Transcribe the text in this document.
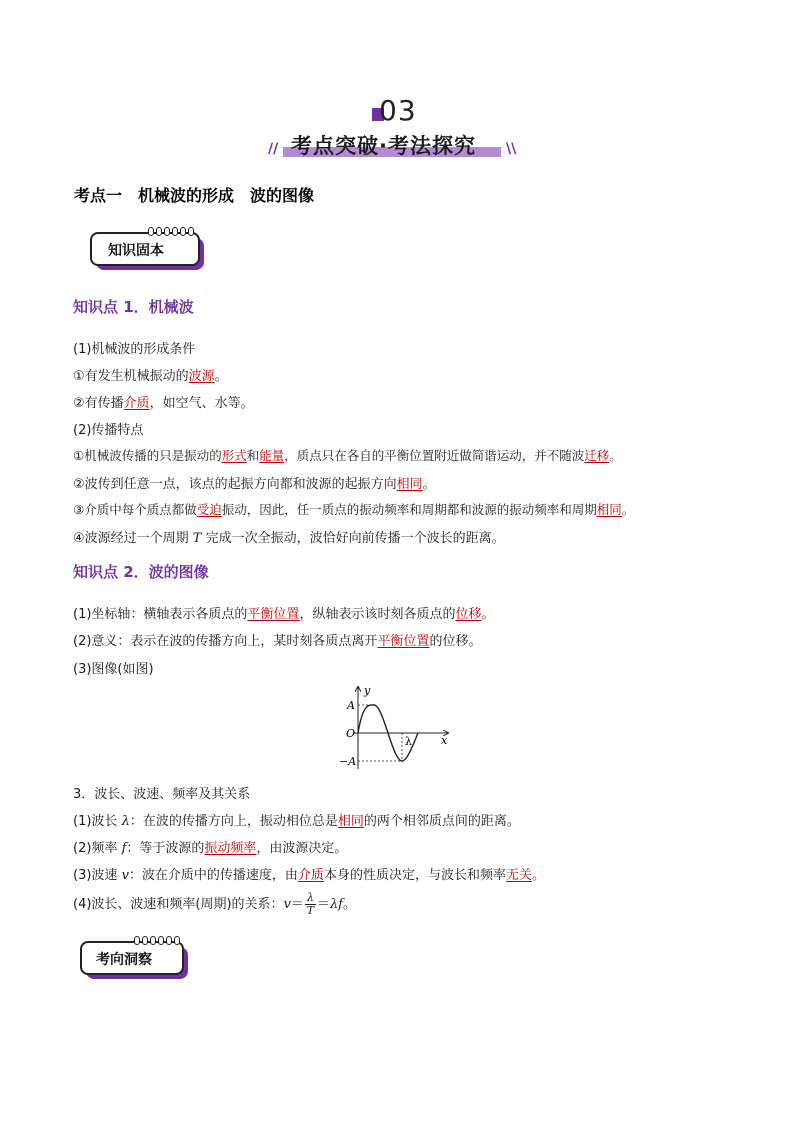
03
// 考点突破·考法探究 \\
考点一　机械波的形成　波的图像
知识固本
知识点 1．机械波
(1)机械波的形成条件
①有发生机械振动的波源。
②有传播介质，如空气、水等。
(2)传播特点
①机械波传播的只是振动的形式和能量，质点只在各自的平衡位置附近做简谐运动，并不随波迁移。
②波传到任意一点，该点的起振方向都和波源的起振方向相同。
③介质中每个质点都做受迫振动，因此，任一质点的振动频率和周期都和波源的振动频率和周期相同。
④波源经过一个周期 T 完成一次全振动，波恰好向前传播一个波长的距离。
知识点 2．波的图像
(1)坐标轴：横轴表示各质点的平衡位置，纵轴表示该时刻各质点的位移。
(2)意义：表示在波的传播方向上，某时刻各质点离开平衡位置的位移。
(3)图像(如图)
y
x
A
O
−A
λ
3．波长、波速、频率及其关系
(1)波长 λ：在波的传播方向上，振动相位总是相同的两个相邻质点间的距离。
(2)频率 f：等于波源的振动频率，由波源决定。
(3)波速 v：波在介质中的传播速度，由介质本身的性质决定，与波长和频率无关。
(4)波长、波速和频率(周期)的关系：$v= \frac{\lambda}{T} =\lambda f$。
考向洞察
